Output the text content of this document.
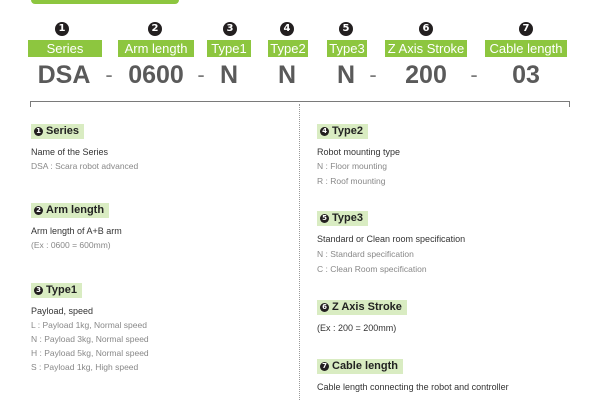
1
Series
DSA -
2
Arm length
0600 -
3
Type1
N
4
Type2
N
5
Type3
N -
6
Z Axis Stroke
200	-
7
Cable length
03
1 Series
Name of the Series
DSA : Scara robot advanced
2 Arm length
Arm length of A+B arm
(Ex : 0600 = 600mm)
3 Type1
Payload, speed
L : Payload 1kg, Normal speed
N : Payload 3kg, Normal speed
H : Payload 5kg, Normal speed
S : Payload 1kg, High speed
4 Type2
Robot mounting type
N : Floor mounting
R : Roof mounting
5 Type3
Standard or Clean room specification
N : Standard specification
C : Clean Room specification
6 Z Axis Stroke
(Ex : 200 = 200mm)
7 Cable length
Cable length connecting the robot and controller
